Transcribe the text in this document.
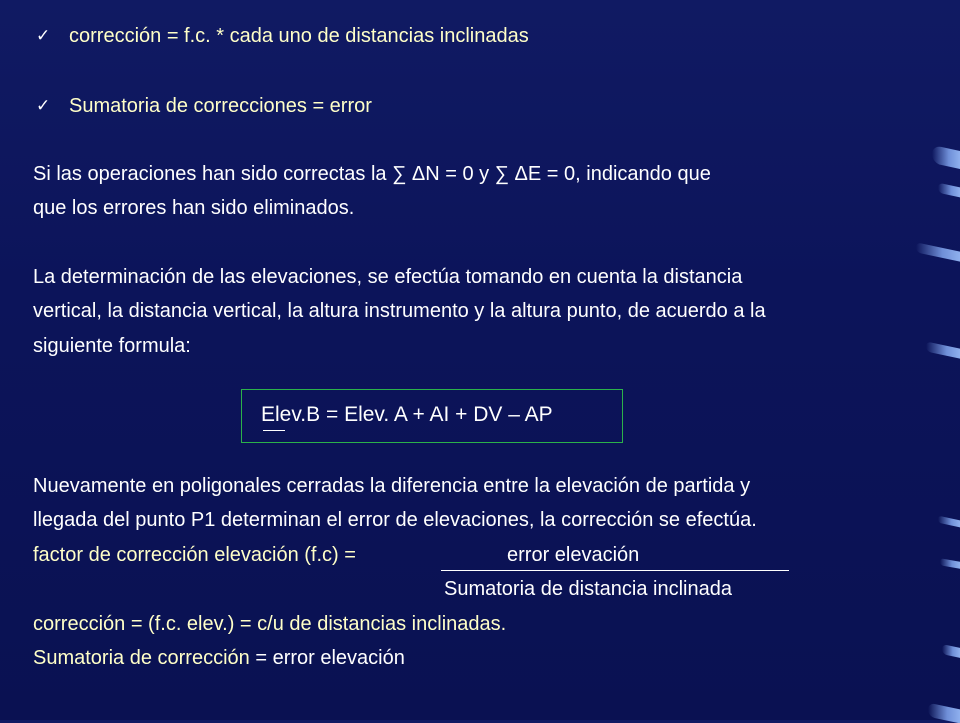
✓ corrección = f.c. * cada uno de distancias inclinadas
✓ Sumatoria de correcciones = error
Si las operaciones han sido correctas la ∑ ΔN = 0 y ∑ ΔE = 0, indicando que
que los errores han sido eliminados.
La determinación de las elevaciones, se efectúa tomando en cuenta la distancia
vertical, la distancia vertical, la altura instrumento y la altura punto, de acuerdo a la
siguiente formula:
Elev.B = Elev. A + AI + DV – AP
Nuevamente en poligonales cerradas la diferencia entre la elevación de partida y
llegada del punto P1 determinan el error de elevaciones, la corrección se efectúa.
factor de corrección elevación (f.c) =	error elevación
Sumatoria de distancia inclinada
corrección = (f.c. elev.) = c/u de distancias inclinadas.
Sumatoria de corrección = error elevación
